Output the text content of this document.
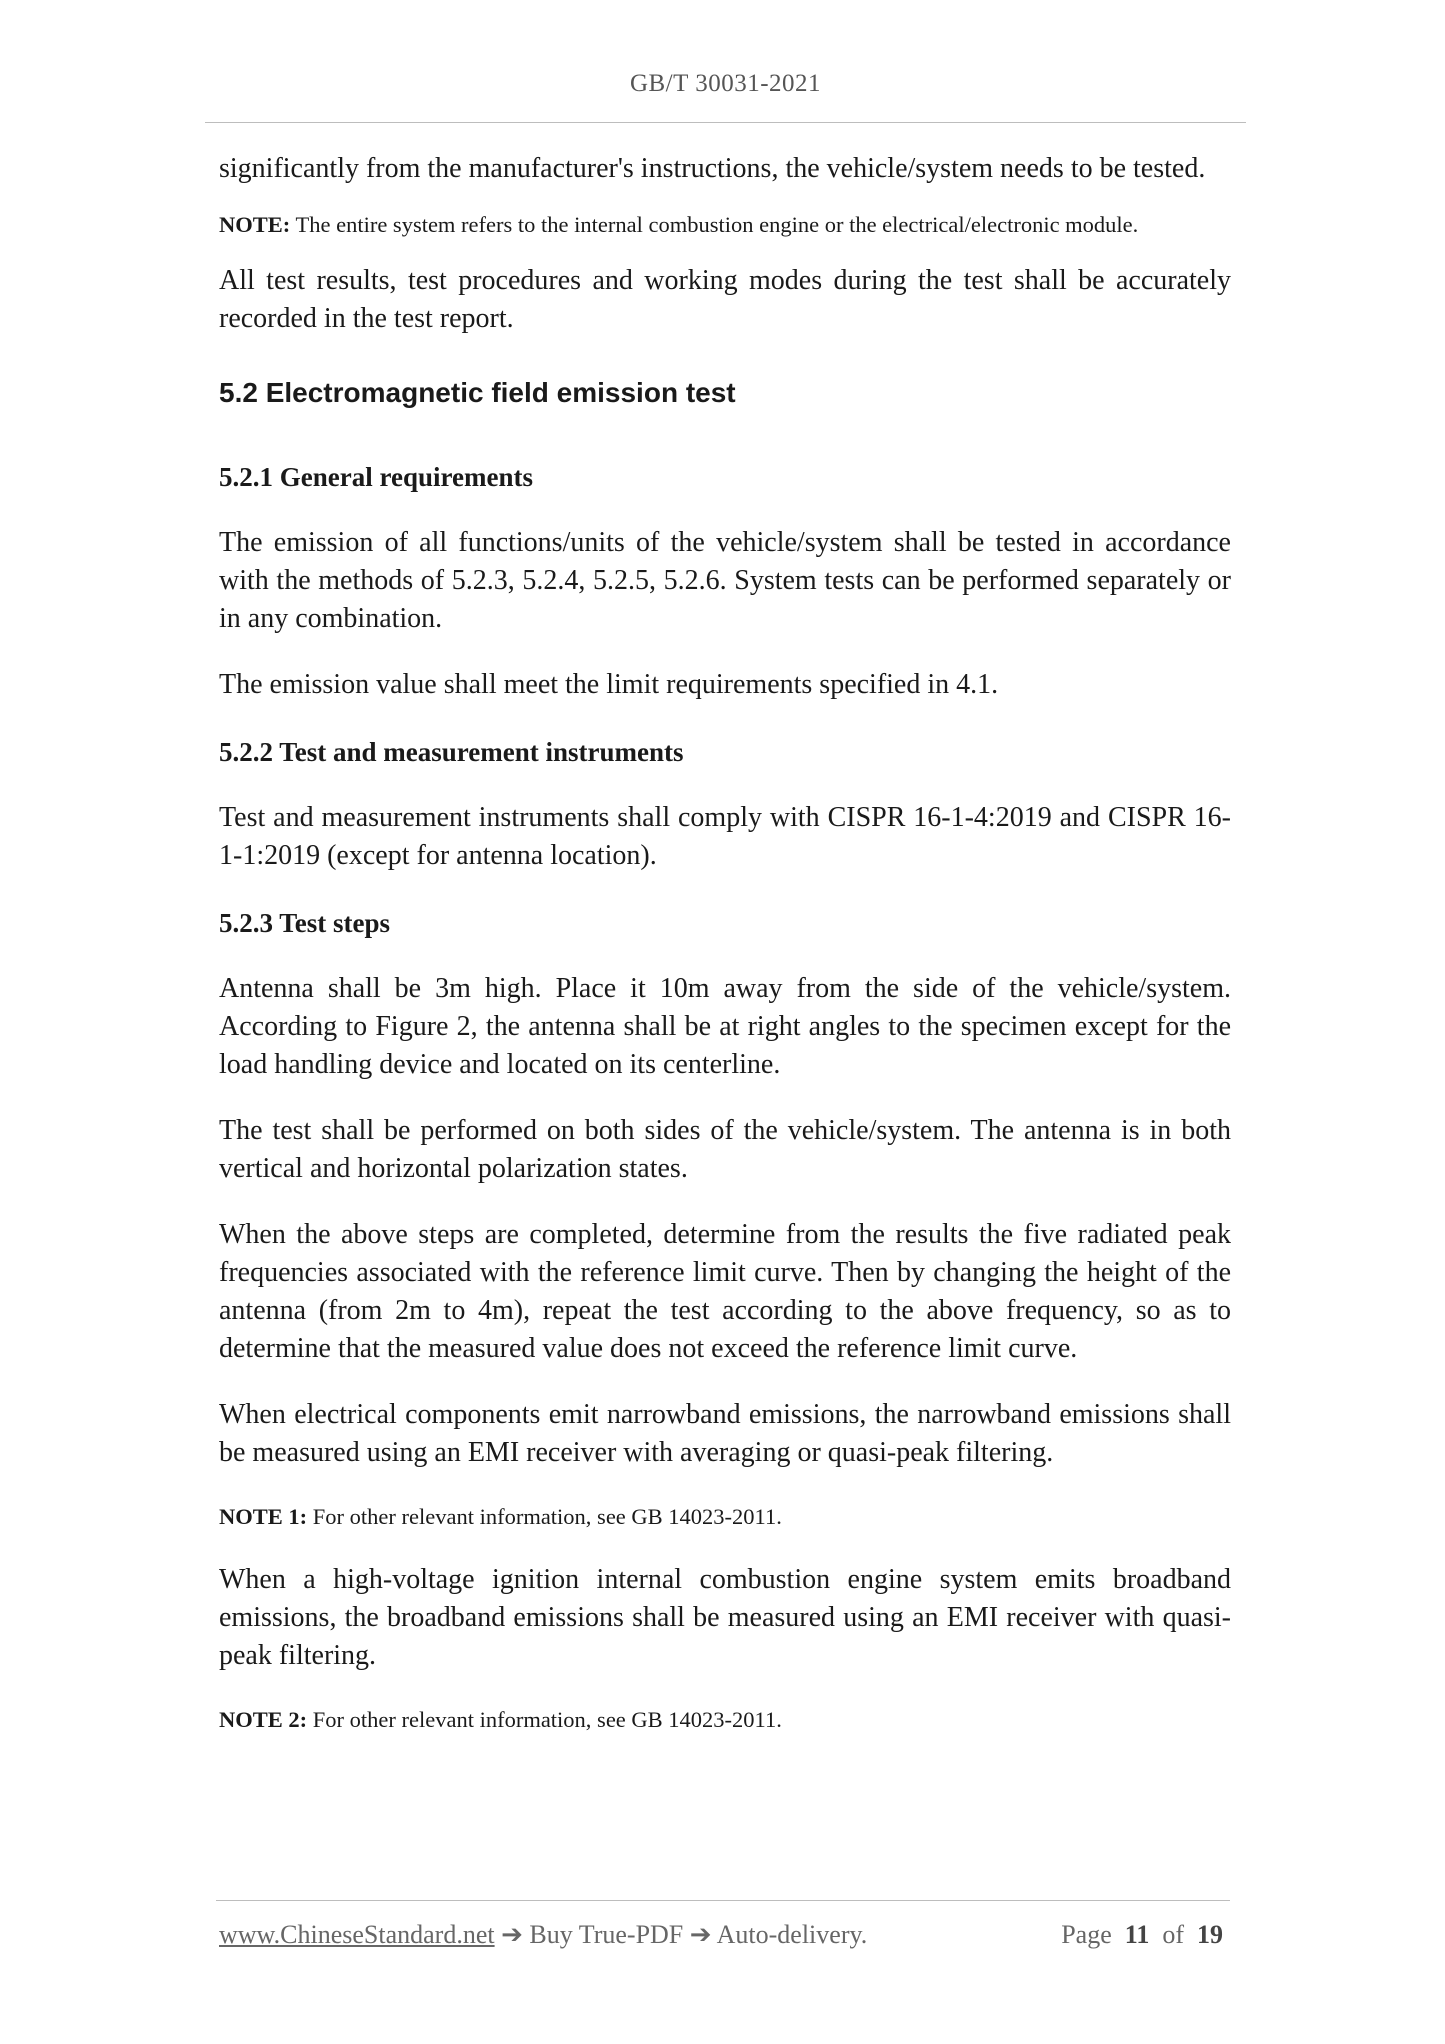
GB/T 30031-2021

significantly from the manufacturer's instructions, the vehicle/system needs to be tested.

NOTE: The entire system refers to the internal combustion engine or the electrical/electronic module.

All test results, test procedures and working modes during the test shall be accurately recorded in the test report.

5.2 Electromagnetic field emission test
5.2.1 General requirements

The emission of all functions/units of the vehicle/system shall be tested in accordance with the methods of 5.2.3, 5.2.4, 5.2.5, 5.2.6. System tests can be performed separately or in any combination.

The emission value shall meet the limit requirements specified in 4.1.

5.2.2 Test and measurement instruments

Test and measurement instruments shall comply with CISPR 16-1-4:2019 and CISPR 16-1-1:2019 (except for antenna location).

5.2.3 Test steps

Antenna shall be 3m high. Place it 10m away from the side of the vehicle/system. According to Figure 2, the antenna shall be at right angles to the specimen except for the load handling device and located on its centerline.

The test shall be performed on both sides of the vehicle/system. The antenna is in both vertical and horizontal polarization states.

When the above steps are completed, determine from the results the five radiated peak frequencies associated with the reference limit curve. Then by changing the height of the antenna (from 2m to 4m), repeat the test according to the above frequency, so as to determine that the measured value does not exceed the reference limit curve.

When electrical components emit narrowband emissions, the narrowband emissions shall be measured using an EMI receiver with averaging or quasi-peak filtering.

NOTE 1: For other relevant information, see GB 14023-2011.

When a high-voltage ignition internal combustion engine system emits broadband emissions, the broadband emissions shall be measured using an EMI receiver with quasi-peak filtering.

NOTE 2: For other relevant information, see GB 14023-2011.

www.ChineseStandard.net ➔ Buy True-PDF ➔ Auto-delivery.	Page 11 of 19
